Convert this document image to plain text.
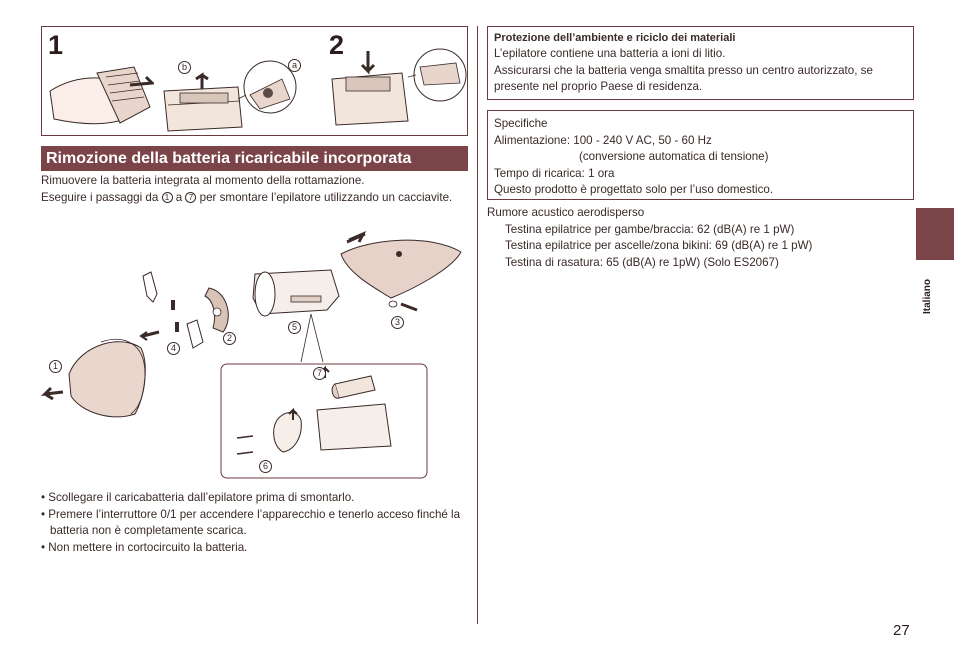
1	2
a
b
Rimozione della batteria ricaricabile incorporata
Rimuovere la batteria integrata al momento della rottamazione.
Eseguire i passaggi da 1 a 7 per smontare l’epilatore utilizzando un cacciavite.
1
2
3
4
5
6
7
• Scollegare il caricabatteria dall’epilatore prima di smontarlo.
• Premere l’interruttore 0/1 per accendere l’apparecchio e tenerlo acceso finché la batteria non è completamente scarica.
• Non mettere in cortocircuito la batteria.
Protezione dell’ambiente e riciclo dei materiali
L’epilatore contiene una batteria a ioni di litio.
Assicurarsi che la batteria venga smaltita presso un centro autorizzato, se presente nel proprio Paese di residenza.
Specifiche
Alimentazione: 100 - 240 V AC, 50 - 60 Hz
(conversione automatica di tensione)
Tempo di ricarica: 1 ora
Questo prodotto è progettato solo per l’uso domestico.
Rumore acustico aerodisperso
Testina epilatrice per gambe/braccia: 62 (dB(A) re 1 pW)
Testina epilatrice per ascelle/zona bikini: 69 (dB(A) re 1 pW)
Testina di rasatura: 65 (dB(A) re 1pW) (Solo ES2067)
Italiano
27
